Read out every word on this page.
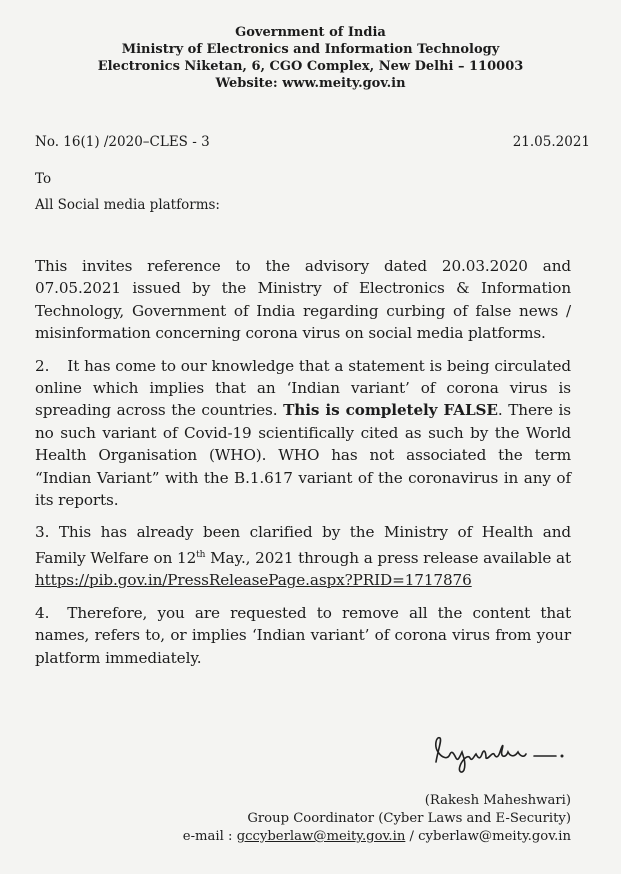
Government of India
Ministry of Electronics and Information Technology
Electronics Niketan, 6, CGO Complex, New Delhi – 110003
Website: www.meity.gov.in
No. 16(1) /2020–CLES - 3	21.05.2021
To
All Social media platforms:

This invites reference to the advisory dated 20.03.2020 and 07.05.2021 issued by the Ministry of Electronics & Information Technology, Government of India regarding curbing of false news / misinformation concerning corona virus on social media platforms.

2. It has come to our knowledge that a statement is being circulated online which implies that an ‘Indian variant’ of corona virus is spreading across the countries. This is completely FALSE. There is no such variant of Covid-19 scientifically cited as such by the World Health Organisation (WHO). WHO has not associated the term “Indian Variant” with the B.1.617 variant of the coronavirus in any of its reports.

3. This has already been clarified by the Ministry of Health and Family Welfare on 12th May., 2021 through a press release available at
https://pib.gov.in/PressReleasePage.aspx?PRID=1717876

4. Therefore, you are requested to remove all the content that names, refers to, or implies ‘Indian variant’ of corona virus from your platform immediately.

(Rakesh Maheshwari)
Group Coordinator (Cyber Laws and E-Security)
e-mail : gccyberlaw@meity.gov.in / cyberlaw@meity.gov.in
